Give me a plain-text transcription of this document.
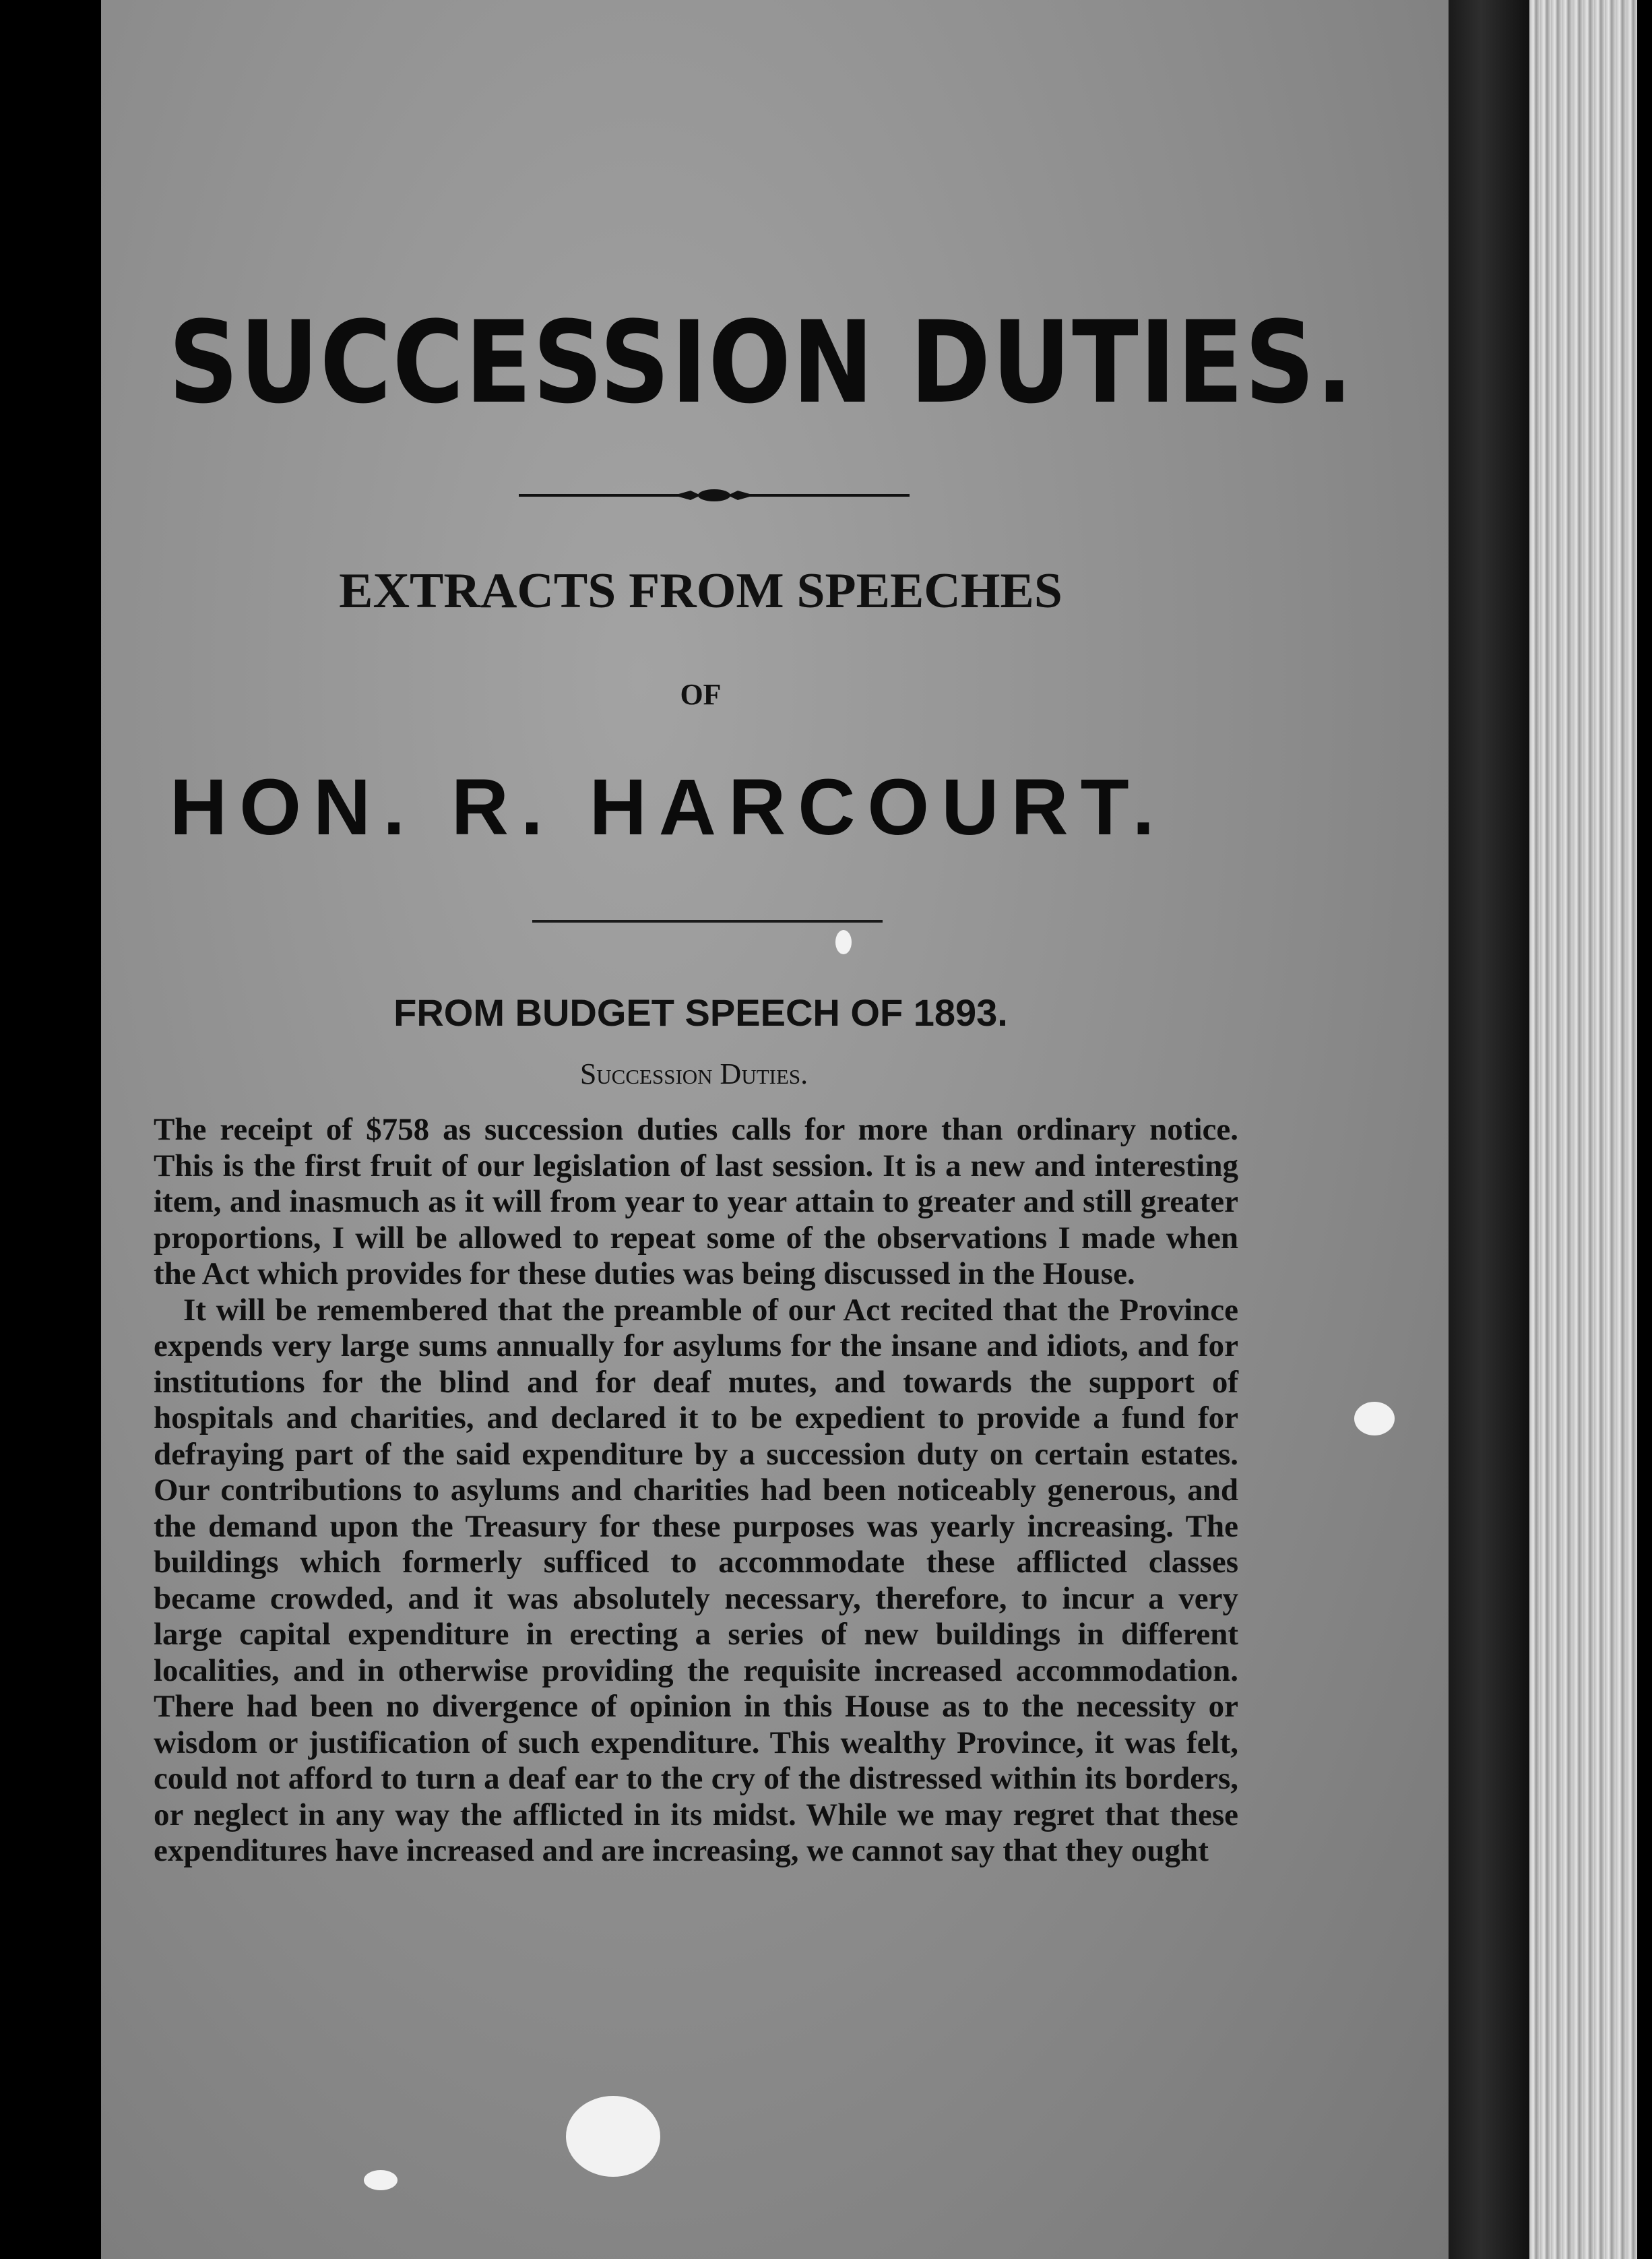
SUCCESSION DUTIES.
EXTRACTS FROM SPEECHES
OF
HON. R. HARCOURT.
FROM BUDGET SPEECH OF 1893.
Succession Duties.

The receipt of $758 as succession duties calls for more than ordinary notice. This is the first fruit of our legislation of last session. It is a new and interesting item, and inasmuch as it will from year to year attain to greater and still greater proportions, I will be allowed to repeat some of the observations I made when the Act which provides for these duties was being discussed in the House.

It will be remembered that the preamble of our Act recited that the Province expends very large sums annually for asylums for the insane and idiots, and for institutions for the blind and for deaf mutes, and towards the support of hospitals and charities, and declared it to be expedient to provide a fund for defraying part of the said expenditure by a succession duty on certain estates. Our contributions to asylums and charities had been noticeably generous, and the demand upon the Treasury for these purposes was yearly increasing. The buildings which formerly sufficed to accommodate these afflicted classes became crowded, and it was absolutely necessary, therefore, to incur a very large capital expenditure in erecting a series of new buildings in different localities, and in otherwise providing the requisite increased accommodation. There had been no divergence of opinion in this House as to the necessity or wisdom or justification of such expenditure. This wealthy Province, it was felt, could not afford to turn a deaf ear to the cry of the distressed within its borders, or neglect in any way the afflicted in its midst. While we may regret that these expenditures have increased and are increasing, we cannot say that they ought
